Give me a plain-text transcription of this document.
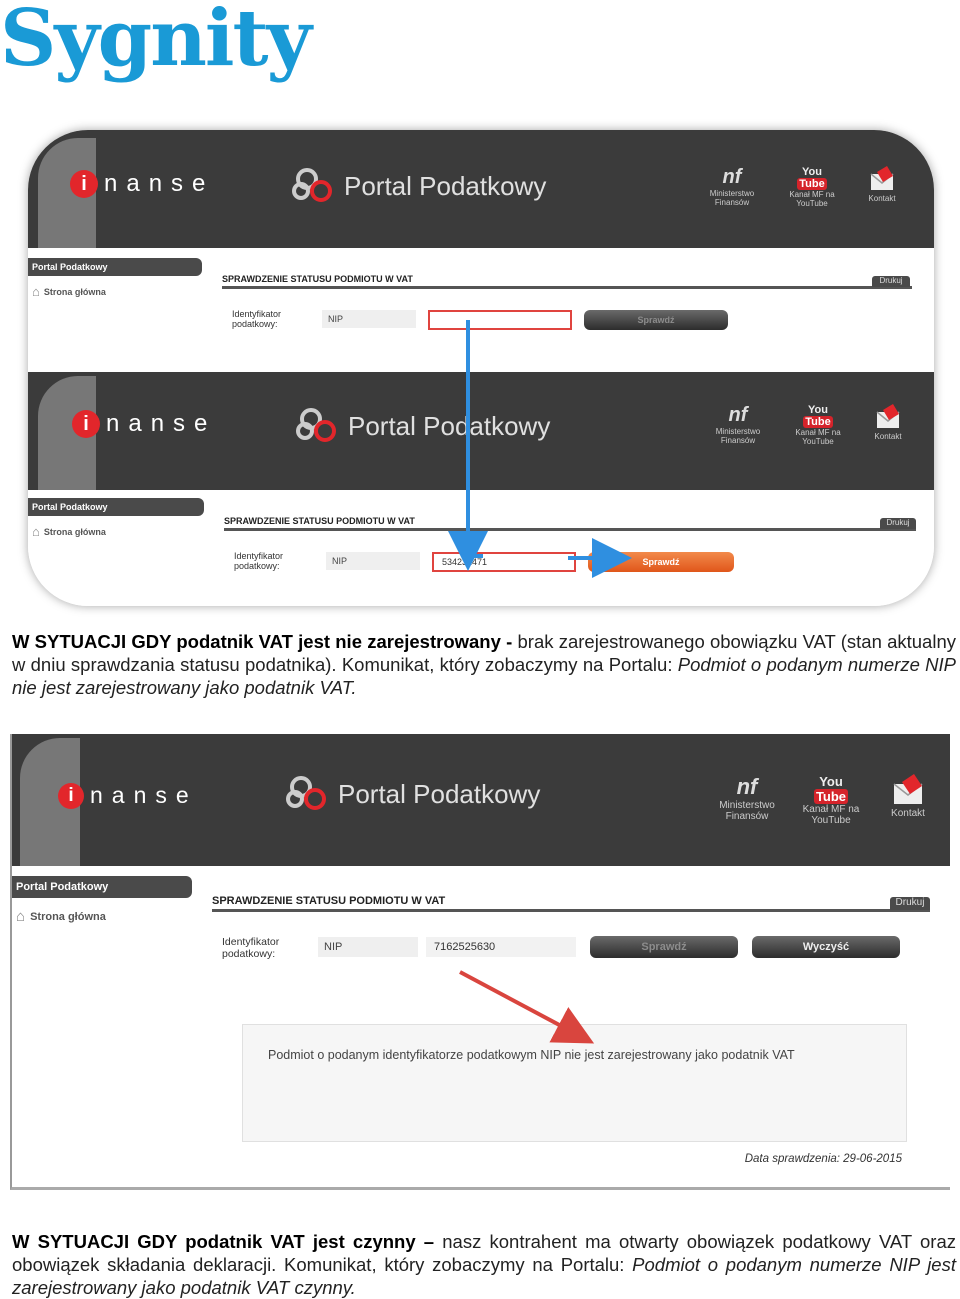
Sygnity
i nanse	Portal Podatkowy	nf
Ministerstwo
Finansów
You
Tube
Kanał MF na
YouTube
Kontakt
Portal Podatkowy
⌂ Strona główna
SPRAWDZENIE STATUSU PODMIOTU W VAT	Drukuj
Identyfikator
podatkowy:	NIP	Sprawdź
i nanse	Portal Podatkowy	nf
Ministerstwo
Finansów
You
Tube
Kanał MF na
YouTube
Kontakt
Portal Podatkowy
⌂ Strona główna
SPRAWDZENIE STATUSU PODMIOTU W VAT	Drukuj
Identyfikator
podatkowy:	NIP	534232471	Sprawdź
W SYTUACJI GDY podatnik VAT jest nie zarejestrowany - brak zarejestrowanego obowiązku VAT (stan aktualny w dniu sprawdzania statusu podatnika). Komunikat, który zobaczymy na Portalu: Podmiot o podanym numerze NIP nie jest zarejestrowany jako podatnik VAT.
i nanse	Portal Podatkowy	nf
Ministerstwo
Finansów
You
Tube
Kanał MF na
YouTube
Kontakt
Portal Podatkowy
⌂ Strona główna
SPRAWDZENIE STATUSU PODMIOTU W VAT	Drukuj
Identyfikator
podatkowy:
NIP	7162525630	Sprawdź	Wyczyść
Podmiot o podanym identyfikatorze podatkowym NIP nie jest zarejestrowany jako podatnik VAT
Data sprawdzenia: 29-06-2015
W SYTUACJI GDY podatnik VAT jest czynny – nasz kontrahent ma otwarty obowiązek podatkowy VAT oraz obowiązek składania deklaracji. Komunikat, który zobaczymy na Portalu: Podmiot o podanym numerze NIP jest zarejestrowany jako podatnik VAT czynny.
